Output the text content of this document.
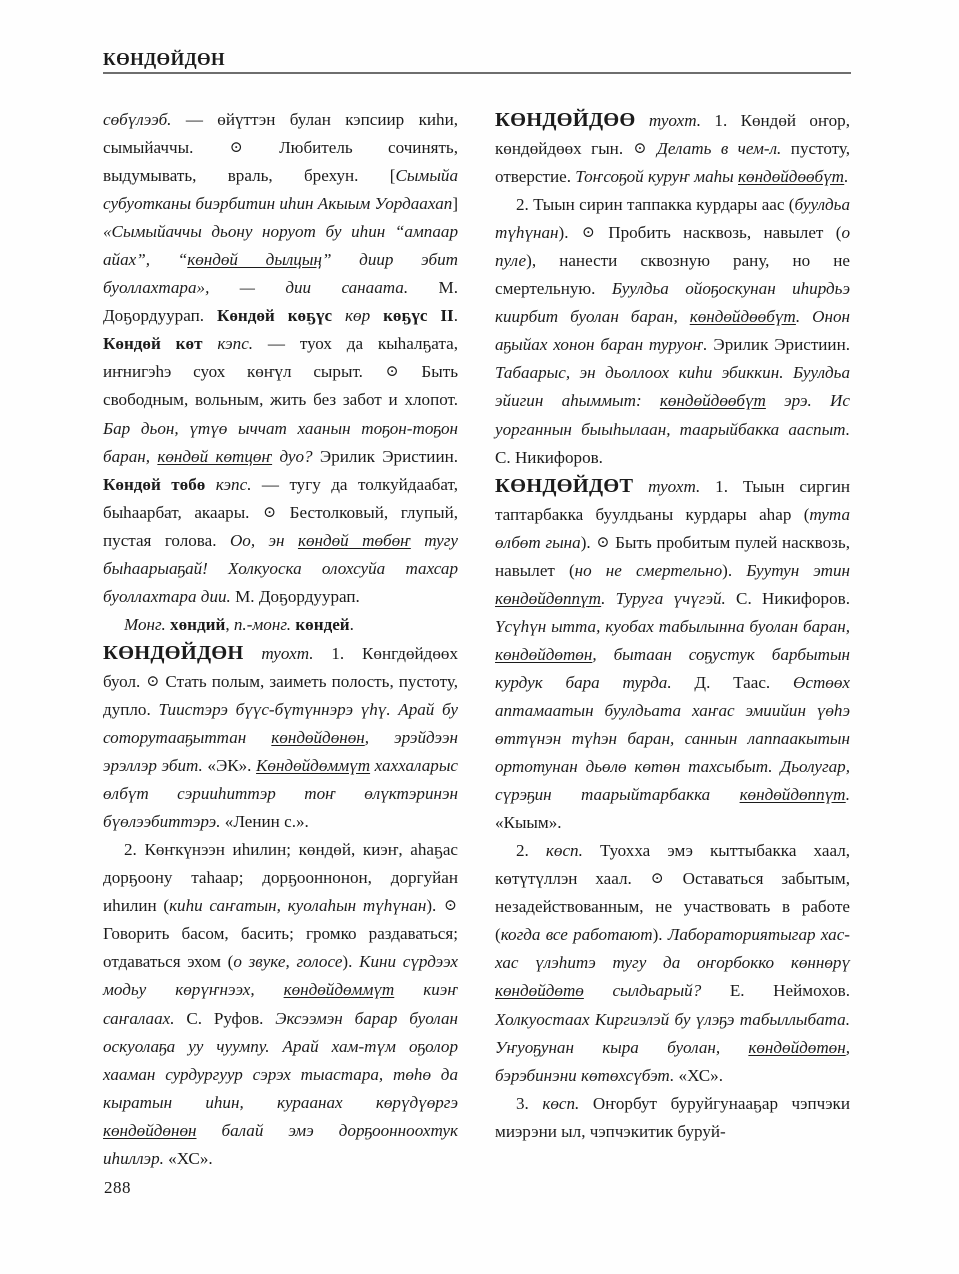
КӨНДӨЙДӨН

сөбүлээб. — өйүттэн булан кэпсиир киһи, сымыйаччы. ⊙ Любитель сочинять, выдумывать, враль, брехун. [Сымыйа субуотканы биэрбитин иһин Акыым Уордаахап] «Сымыйаччы дьону норуот бу иһин “ампаар айах”, “көндөй дылцың” диир эбит буоллахтара», — дии санаата. М. Доҕордуурап. Көндөй көҕүс көр көҕүс II. Көндөй көт кэпс. — туох да кыһалҕата, иҥнигэһэ суох көҥүл сырыт. ⊙ Быть свободным, вольным, жить без забот и хлопот. Бар дьон, үтүө ыччат хаанын тоҕон-тоҕон баран, көндөй көтцөҥ дуо? Эрилик Эристиин. Көндөй төбө кэпс. — тугу да толкуйдаабат, быһаарбат, акаары. ⊙ Бестолковый, глупый, пустая голова. Оо, эн көндөй төбөҥ тугу быһаарыаҕай! Холкуоска олохсуйа тахсар буоллахтара дии. М. Доҕордуурап.

Монг. хөндий, п.-монг. көндей.

КӨНДӨЙДӨН туохт. 1. Көнгдөйдөөх буол. ⊙ Стать полым, заиметь полость, пустоту, дупло. Тиистэрэ бүүс-бүтүннэрэ үһү. Арай бу соторутааҕыттан көндөйдөнөн, эрэйдээн эрэллэр эбит. «ЭК». Көндөйдөммүт хаххаларыс өлбүт сэрииһиттэр тоҥ өлүктэринэн бүөлээбиттэрэ. «Ленин с.».

2. Көҥкүнээн иһилин; көндөй, киэҥ, аһаҕас дорҕоону таһаар; дорҕооннонон, доргуйан иһилин (киһи саҥатын, куолаһын түһүнан). ⊙ Говорить басом, басить; громко раздаваться; отдаваться эхом (о звуке, голосе). Кини сүрдээх модьу көрүҥнээх, көндөйдөммүт киэҥ саҥалаах. С. Руфов. Эксээмэн барар буолан оскуолаҕа уу чуумпу. Арай хам-түм оҕолор хааман сурдургуур сэрэх тыастара, төһө да кыратын иһин, кураанах көрүдүөргэ көндөйдөнөн балай эмэ дорҕоонноохтук иһиллэр. «ХС».

КӨНДӨЙДӨӨ туохт. 1. Көндөй оҥор, көндөйдөөх гын. ⊙ Делать в чем-л. пустоту, отверстие. Тоҥсоҕой куруҥ маһы көндөйдөөбүт.

2. Тыын сирин таппакка курдары аас (буулдьа түһүнан). ⊙ Пробить насквозь, навылет (о пуле), нанести сквозную рану, но не смертельную. Буулдьа ойоҕоскунан иһирдьэ киирбит буолан баран, көндөйдөөбүт. Онон аҕыйах хонон баран туруоҥ. Эрилик Эристиин. Табаарыс, эн дьоллоох киһи эбиккин. Буулдьа эйигин аһыммыт: көндөйдөөбүт эрэ. Ис уорганнын быыһылаан, таарыйбакка ааспыт. С. Никифоров.

КӨНДӨЙДӨТ туохт. 1. Тыын сиргин таптарбакка буулдьаны курдары аһар (тута өлбөт гына). ⊙ Быть пробитым пулей насквозь, навылет (но не смертельно). Буутун этин көндөйдөппүт. Туруга үчүгэй. С. Никифоров. Үсүһүн ытта, куобах табылынна буолан баран, көндөйдөтөн, бытаан соҕустук барбытын курдук бара турда. Д. Таас. Өстөөх аптамаатын буулдьата хаҥас эмиийин үөһэ өттүнэн түһэн баран, саннын лаппаакытын ортотунан дьөлө көтөн тахсыбыт. Дьолугар, сүрэҕин таарыйтарбакка көндөйдөппүт. «Кыым».

2. көсп. Туохха эмэ кыттыбакка хаал, көтүтүллэн хаал. ⊙ Оставаться забытым, незадействованным, не участвовать в работе (когда все работают). Лабораториятыгар хас-хас үлэһитэ тугу да оҥорбокко көннөрү көндөйдөтө сылдьарый? Е. Неймохов. Холкуостаах Киргиэлэй бу үлэҕэ табыллыбата. Уҥуоҕунан кыра буолан, көндөйдөтөн, бэрэбинэни көтөхсүбэт. «ХС».

3. көсп. Оҥорбут буруйгунааҕар чэпчэки миэрэни ыл, чэпчэкитик буруй-

288
